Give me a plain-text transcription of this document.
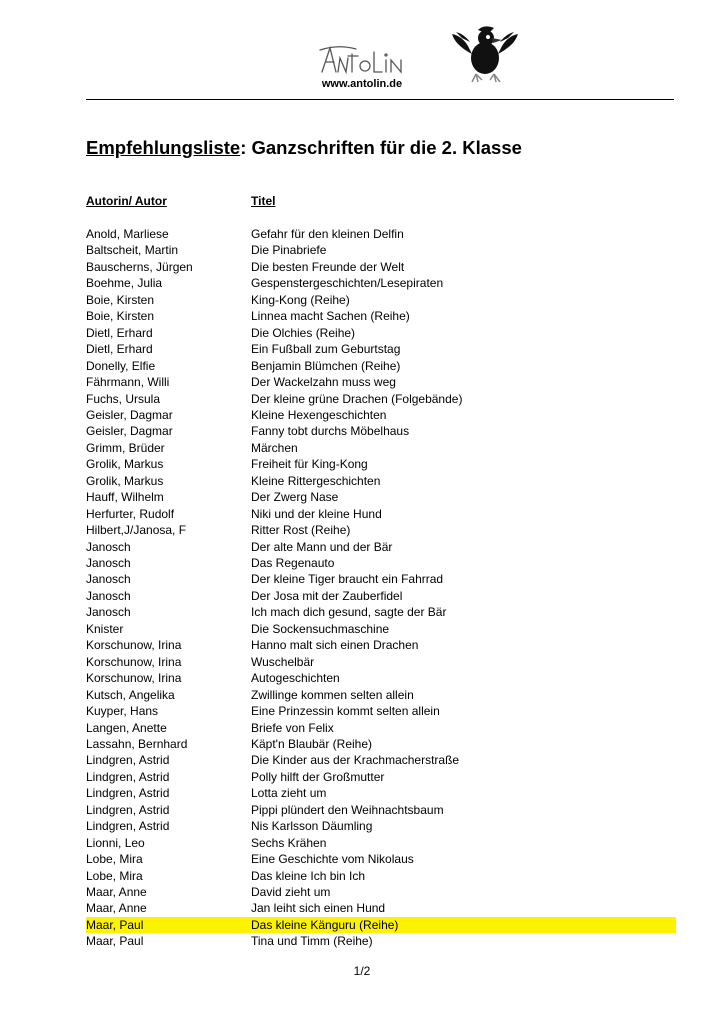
www.antolin.de
Empfehlungsliste: Ganzschriften für die 2. Klasse
Autorin/ Autor	Titel
Anold, Marliese	Gefahr für den kleinen Delfin
Baltscheit, Martin	Die Pinabriefe
Bauscherns, Jürgen	Die besten Freunde der Welt
Boehme, Julia	Gespenstergeschichten/Lesepiraten
Boie, Kirsten	King-Kong (Reihe)
Boie, Kirsten	Linnea macht Sachen (Reihe)
Dietl, Erhard	Die Olchies (Reihe)
Dietl, Erhard	Ein Fußball zum Geburtstag
Donelly, Elfie	Benjamin Blümchen (Reihe)
Fährmann, Willi	Der Wackelzahn muss weg
Fuchs, Ursula	Der kleine grüne Drachen (Folgebände)
Geisler, Dagmar	Kleine Hexengeschichten
Geisler, Dagmar	Fanny tobt durchs Möbelhaus
Grimm, Brüder	Märchen
Grolik, Markus	Freiheit für King-Kong
Grolik, Markus	Kleine Rittergeschichten
Hauff, Wilhelm	Der Zwerg Nase
Herfurter, Rudolf	Niki und der kleine Hund
Hilbert,J/Janosa, F	Ritter Rost (Reihe)
Janosch	Der alte Mann und der Bär
Janosch	Das Regenauto
Janosch	Der kleine Tiger braucht ein Fahrrad
Janosch	Der Josa mit der Zauberfidel
Janosch	Ich mach dich gesund, sagte der Bär
Knister	Die Sockensuchmaschine
Korschunow, Irina	Hanno malt sich einen Drachen
Korschunow, Irina	Wuschelbär
Korschunow, Irina	Autogeschichten
Kutsch, Angelika	Zwillinge kommen selten allein
Kuyper, Hans	Eine Prinzessin kommt selten allein
Langen, Anette	Briefe von Felix
Lassahn, Bernhard	Käpt'n Blaubär (Reihe)
Lindgren, Astrid	Die Kinder aus der Krachmacherstraße
Lindgren, Astrid	Polly hilft der Großmutter
Lindgren, Astrid	Lotta zieht um
Lindgren, Astrid	Pippi plündert den Weihnachtsbaum
Lindgren, Astrid	Nis Karlsson Däumling
Lionni, Leo	Sechs Krähen
Lobe, Mira	Eine Geschichte vom Nikolaus
Lobe, Mira	Das kleine Ich bin Ich
Maar, Anne	David zieht um
Maar, Anne	Jan leiht sich einen Hund
Maar, Paul	Das kleine Känguru (Reihe)
Maar, Paul	Tina und Timm (Reihe)
1/2
